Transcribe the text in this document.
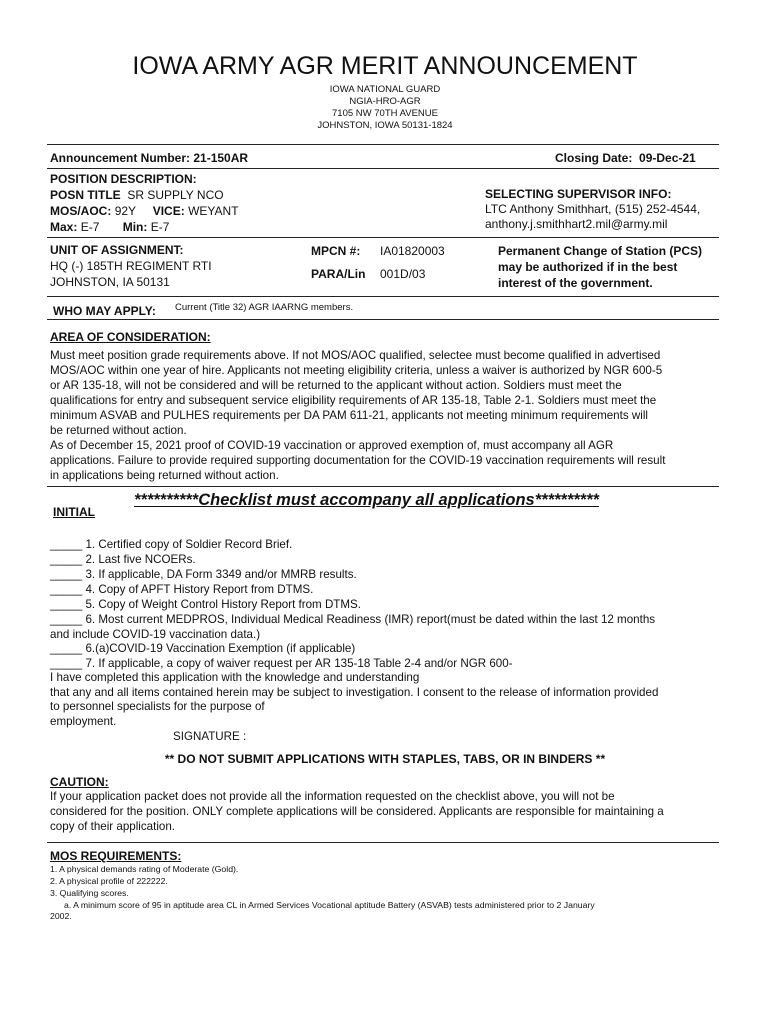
IOWA ARMY AGR MERIT ANNOUNCEMENT
IOWA NATIONAL GUARD
NGIA-HRO-AGR
7105 NW 70TH AVENUE
JOHNSTON, IOWA 50131-1824
Announcement Number: 21-150AR	Closing Date: 09-Dec-21
POSITION DESCRIPTION:
POSN TITLE SR SUPPLY NCO
MOS/AOC: 92Y VICE: WEYANT
Max: E-7 Min: E-7
SELECTING SUPERVISOR INFO:
LTC Anthony Smithhart, (515) 252-4544,
anthony.j.smithhart2.mil@army.mil
UNIT OF ASSIGNMENT:
HQ (-) 185TH REGIMENT RTI
JOHNSTON, IA 50131
MPCN #: IA01820003
PARA/Lin 001D/03
Permanent Change of Station (PCS)
may be authorized if in the best
interest of the government.
WHO MAY APPLY: Current (Title 32) AGR IAARNG members.
AREA OF CONSIDERATION:
Must meet position grade requirements above. If not MOS/AOC qualified, selectee must become qualified in advertised
MOS/AOC within one year of hire. Applicants not meeting eligibility criteria, unless a waiver is authorized by NGR 600-5
or AR 135-18, will not be considered and will be returned to the applicant without action. Soldiers must meet the
qualifications for entry and subsequent service eligibility requirements of AR 135-18, Table 2-1. Soldiers must meet the
minimum ASVAB and PULHES requirements per DA PAM 611-21, applicants not meeting minimum requirements will
be returned without action.
As of December 15, 2021 proof of COVID-19 vaccination or approved exemption of, must accompany all AGR
applications. Failure to provide required supporting documentation for the COVID-19 vaccination requirements will result
in applications being returned without action.
**********Checklist must accompany all applications**********
INITIAL
_____ 1. Certified copy of Soldier Record Brief.
_____ 2. Last five NCOERs.
_____ 3. If applicable, DA Form 3349 and/or MMRB results.
_____ 4. Copy of APFT History Report from DTMS.
_____ 5. Copy of Weight Control History Report from DTMS.
_____ 6. Most current MEDPROS, Individual Medical Readiness (IMR) report(must be dated within the last 12 months
and include COVID-19 vaccination data.)
_____ 6.(a)COVID-19 Vaccination Exemption (if applicable)
_____ 7. If applicable, a copy of waiver request per AR 135-18 Table 2-4 and/or NGR 600-
I have completed this application with the knowledge and understanding
that any and all items contained herein may be subject to investigation. I consent to the release of information provided
to personnel specialists for the purpose of
employment.
SIGNATURE :
** DO NOT SUBMIT APPLICATIONS WITH STAPLES, TABS, OR IN BINDERS **
CAUTION:
If your application packet does not provide all the information requested on the checklist above, you will not be
considered for the position. ONLY complete applications will be considered. Applicants are responsible for maintaining a
copy of their application.
MOS REQUIREMENTS:
1. A physical demands rating of Moderate (Gold).
2. A physical profile of 222222.
3. Qualifying scores.
a. A minimum score of 95 in aptitude area CL in Armed Services Vocational aptitude Battery (ASVAB) tests administered prior to 2 January
2002.
